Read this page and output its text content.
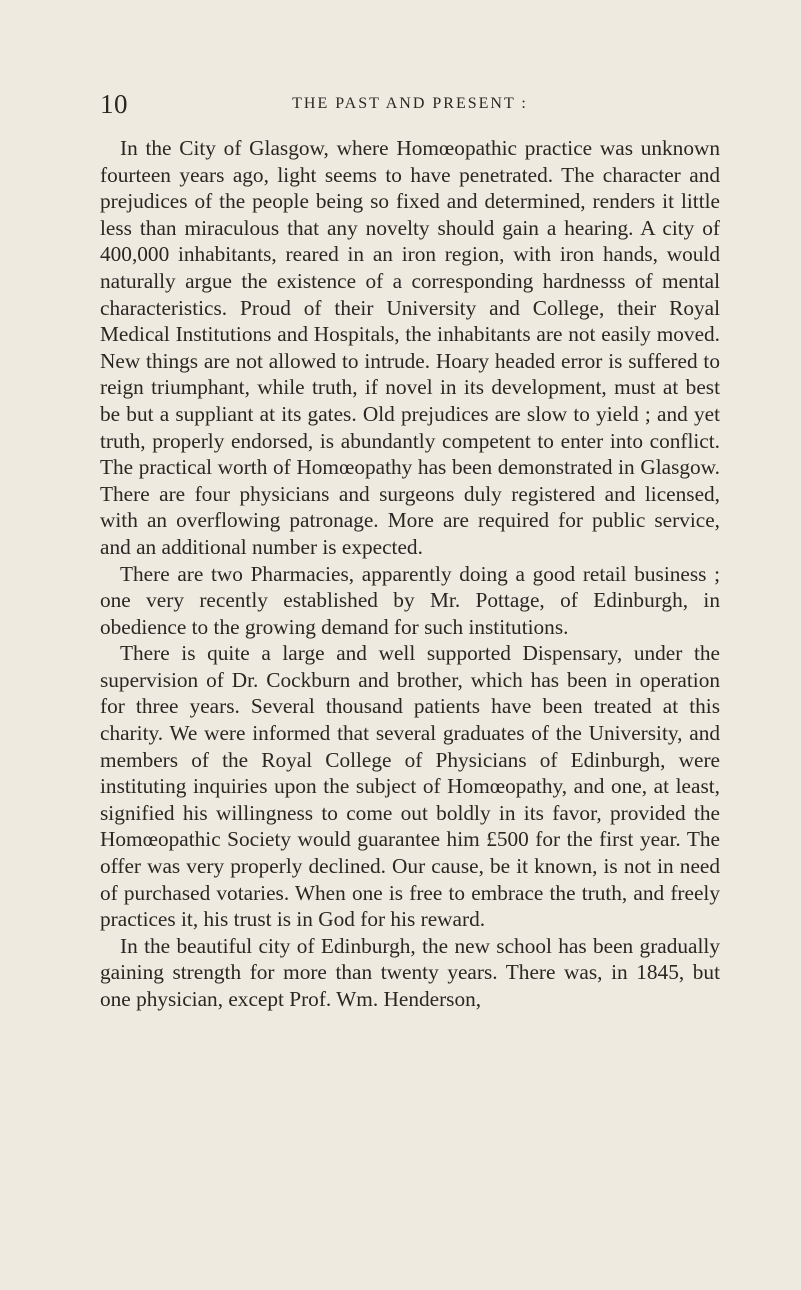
10	THE PAST AND PRESENT :

In the City of Glasgow, where Homœopathic practice was unknown fourteen years ago, light seems to have penetrated. The character and prejudices of the people being so fixed and determined, renders it little less than miraculous that any novelty should gain a hearing. A city of 400,000 inhabitants, reared in an iron region, with iron hands, would naturally argue the existence of a corresponding hardnesss of mental characteristics. Proud of their University and College, their Royal Medical Institutions and Hospitals, the inhabitants are not easily moved. New things are not allowed to intrude. Hoary headed error is suffered to reign triumphant, while truth, if novel in its development, must at best be but a suppliant at its gates. Old prejudices are slow to yield ; and yet truth, properly endorsed, is abundantly competent to enter into conflict. The practical worth of Homœopathy has been demonstrated in Glasgow. There are four physicians and surgeons duly registered and licensed, with an overflowing patronage. More are required for public service, and an additional number is expected.

There are two Pharmacies, apparently doing a good retail business ; one very recently established by Mr. Pottage, of Edinburgh, in obedience to the growing demand for such institutions.

There is quite a large and well supported Dispensary, under the supervision of Dr. Cockburn and brother, which has been in operation for three years. Several thousand patients have been treated at this charity. We were informed that several graduates of the University, and members of the Royal College of Physicians of Edinburgh, were instituting inquiries upon the subject of Homœopathy, and one, at least, signified his willingness to come out boldly in its favor, provided the Homœopathic Society would guarantee him £500 for the first year. The offer was very properly declined. Our cause, be it known, is not in need of purchased votaries. When one is free to embrace the truth, and freely practices it, his trust is in God for his reward.

In the beautiful city of Edinburgh, the new school has been gradually gaining strength for more than twenty years. There was, in 1845, but one physician, except Prof. Wm. Henderson,
